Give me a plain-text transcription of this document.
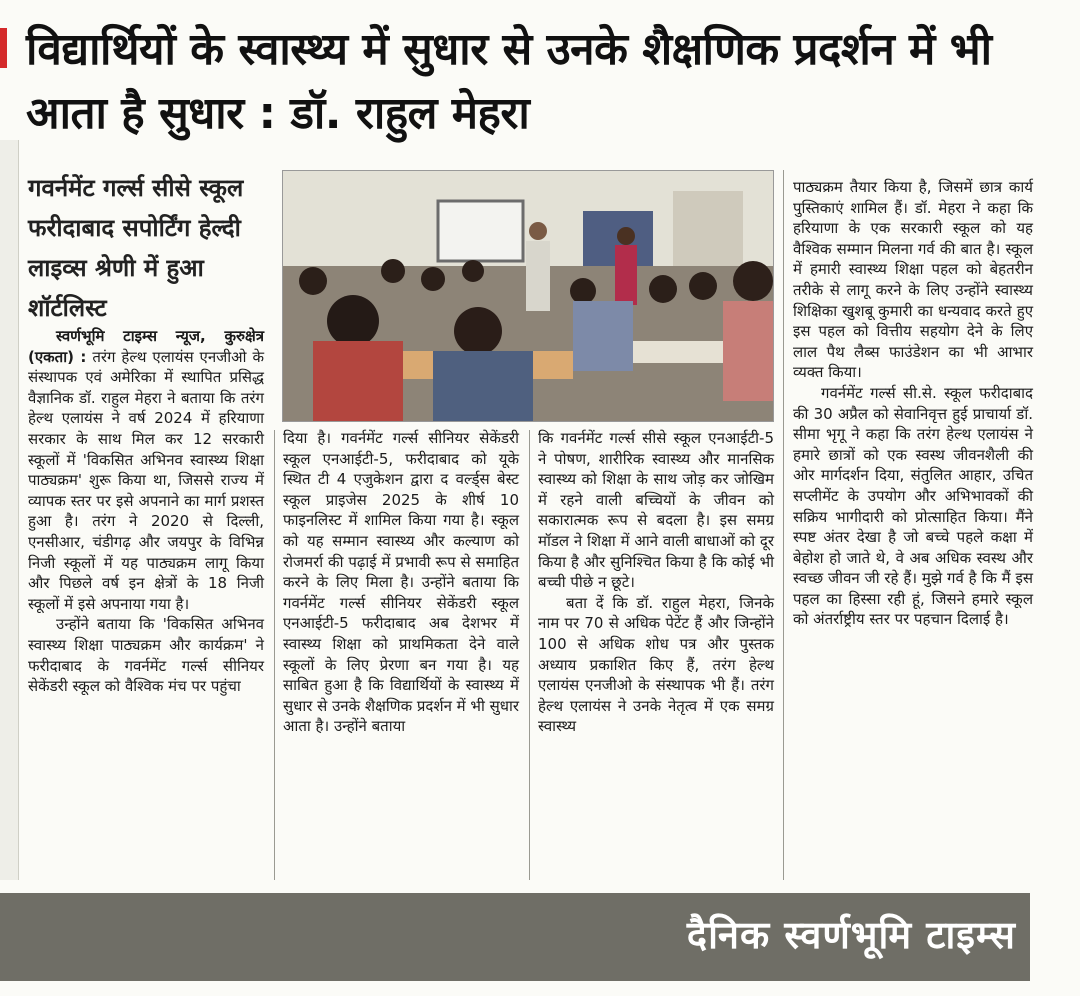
विद्यार्थियों के स्वास्थ्य में सुधार से उनके शैक्षणिक प्रदर्शन में भी आता है सुधार : डॉ. राहुल मेहरा
गवर्नमेंट गर्ल्स सीसे स्कूल फरीदाबाद सपोर्टिंग हेल्दी लाइव्स श्रेणी में हुआ शॉर्टलिस्ट

स्वर्णभूमि टाइम्स न्यूज, कुरुक्षेत्र (एकता) : तरंग हेल्थ एलायंस एनजीओ के संस्थापक एवं अमेरिका में स्थापित प्रसिद्ध वैज्ञानिक डॉ. राहुल मेहरा ने बताया कि तरंग हेल्थ एलायंस ने वर्ष 2024 में हरियाणा सरकार के साथ मिल कर 12 सरकारी स्कूलों में 'विकसित अभिनव स्वास्थ्य शिक्षा पाठ्यक्रम' शुरू किया था, जिससे राज्य में व्यापक स्तर पर इसे अपनाने का मार्ग प्रशस्त हुआ है। तरंग ने 2020 से दिल्ली, एनसीआर, चंडीगढ़ और जयपुर के विभिन्न निजी स्कूलों में यह पाठ्यक्रम लागू किया और पिछले वर्ष इन क्षेत्रों के 18 निजी स्कूलों में इसे अपनाया गया है।

उन्होंने बताया कि 'विकसित अभिनव स्वास्थ्य शिक्षा पाठ्यक्रम और कार्यक्रम' ने फरीदाबाद के गवर्नमेंट गर्ल्स सीनियर सेकेंडरी स्कूल को वैश्विक मंच पर पहुंचा

दिया है। गवर्नमेंट गर्ल्स सीनियर सेकेंडरी स्कूल एनआईटी-5, फरीदाबाद को यूके स्थित टी 4 एजुकेशन द्वारा द वर्ल्ड्स बेस्ट स्कूल प्राइजेस 2025 के शीर्ष 10 फाइनलिस्ट में शामिल किया गया है। स्कूल को यह सम्मान स्वास्थ्य और कल्याण को रोजमर्रा की पढ़ाई में प्रभावी रूप से समाहित करने के लिए मिला है। उन्होंने बताया कि गवर्नमेंट गर्ल्स सीनियर सेकेंडरी स्कूल एनआईटी-5 फरीदाबाद अब देशभर में स्वास्थ्य शिक्षा को प्राथमिकता देने वाले स्कूलों के लिए प्रेरणा बन गया है। यह साबित हुआ है कि विद्यार्थियों के स्वास्थ्य में सुधार से उनके शैक्षणिक प्रदर्शन में भी सुधार आता है। उन्होंने बताया

कि गवर्नमेंट गर्ल्स सीसे स्कूल एनआईटी-5 ने पोषण, शारीरिक स्वास्थ्य और मानसिक स्वास्थ्य को शिक्षा के साथ जोड़ कर जोखिम में रहने वाली बच्चियों के जीवन को सकारात्मक रूप से बदला है। इस समग्र मॉडल ने शिक्षा में आने वाली बाधाओं को दूर किया है और सुनिश्चित किया है कि कोई भी बच्ची पीछे न छूटे।

बता दें कि डॉ. राहुल मेहरा, जिनके नाम पर 70 से अधिक पेटेंट हैं और जिन्होंने 100 से अधिक शोध पत्र और पुस्तक अध्याय प्रकाशित किए हैं, तरंग हेल्थ एलायंस एनजीओ के संस्थापक भी हैं। तरंग हेल्थ एलायंस ने उनके नेतृत्व में एक समग्र स्वास्थ्य

पाठ्यक्रम तैयार किया है, जिसमें छात्र कार्य पुस्तिकाएं शामिल हैं। डॉ. मेहरा ने कहा कि हरियाणा के एक सरकारी स्कूल को यह वैश्विक सम्मान मिलना गर्व की बात है। स्कूल में हमारी स्वास्थ्य शिक्षा पहल को बेहतरीन तरीके से लागू करने के लिए उन्होंने स्वास्थ्य शिक्षिका खुशबू कुमारी का धन्यवाद करते हुए इस पहल को वित्तीय सहयोग देने के लिए लाल पैथ लैब्स फाउंडेशन का भी आभार व्यक्त किया।

गवर्नमेंट गर्ल्स सी.से. स्कूल फरीदाबाद की 30 अप्रैल को सेवानिवृत्त हुई प्राचार्या डॉ. सीमा भृगू ने कहा कि तरंग हेल्थ एलायंस ने हमारे छात्रों को एक स्वस्थ जीवनशैली की ओर मार्गदर्शन दिया, संतुलित आहार, उचित सप्लीमेंट के उपयोग और अभिभावकों की सक्रिय भागीदारी को प्रोत्साहित किया। मैंने स्पष्ट अंतर देखा है जो बच्चे पहले कक्षा में बेहोश हो जाते थे, वे अब अधिक स्वस्थ और स्वच्छ जीवन जी रहे हैं। मुझे गर्व है कि मैं इस पहल का हिस्सा रही हूं, जिसने हमारे स्कूल को अंतर्राष्ट्रीय स्तर पर पहचान दिलाई है।

दैनिक स्वर्णभूमि टाइम्स
